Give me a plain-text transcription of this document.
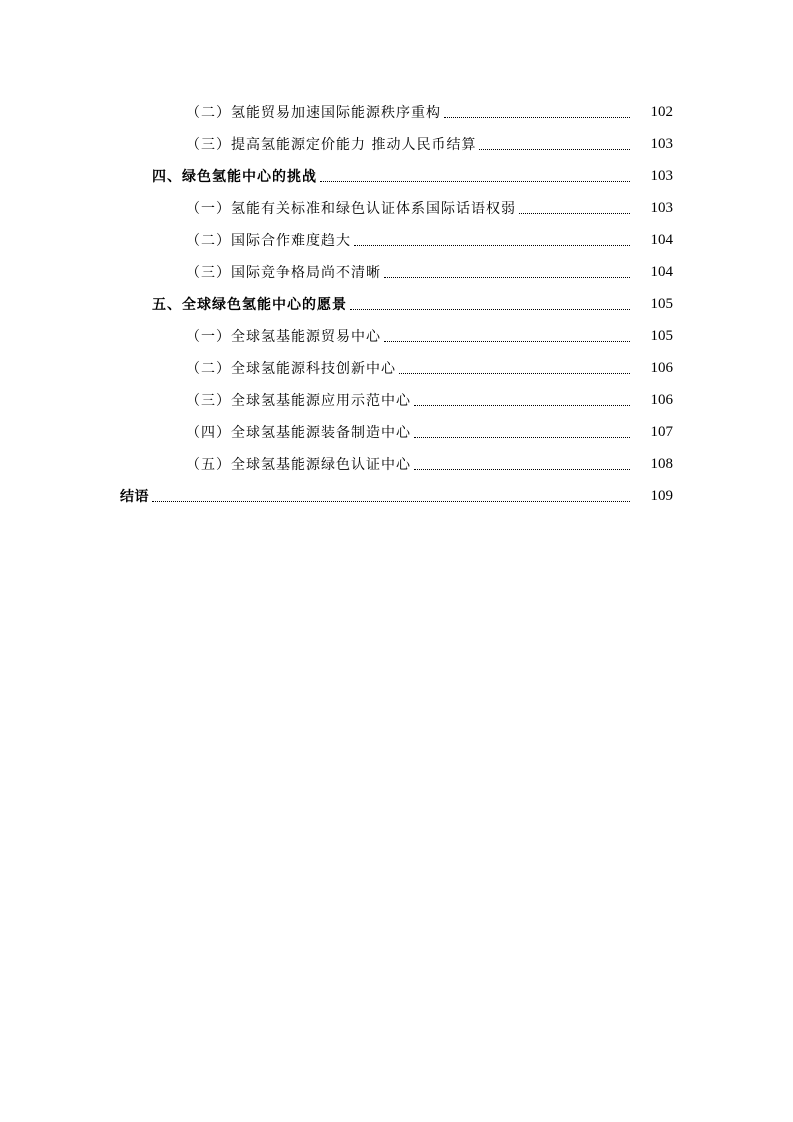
（二）氢能贸易加速国际能源秩序重构	102
（三）提高氢能源定价能力 推动人民币结算	103
四、绿色氢能中心的挑战	103
（一）氢能有关标准和绿色认证体系国际话语权弱	103
（二）国际合作难度趋大	104
（三）国际竞争格局尚不清晰	104
五、全球绿色氢能中心的愿景	105
（一）全球氢基能源贸易中心	105
（二）全球氢能源科技创新中心	106
（三）全球氢基能源应用示范中心	106
（四）全球氢基能源装备制造中心	107
（五）全球氢基能源绿色认证中心	108
结语	109
